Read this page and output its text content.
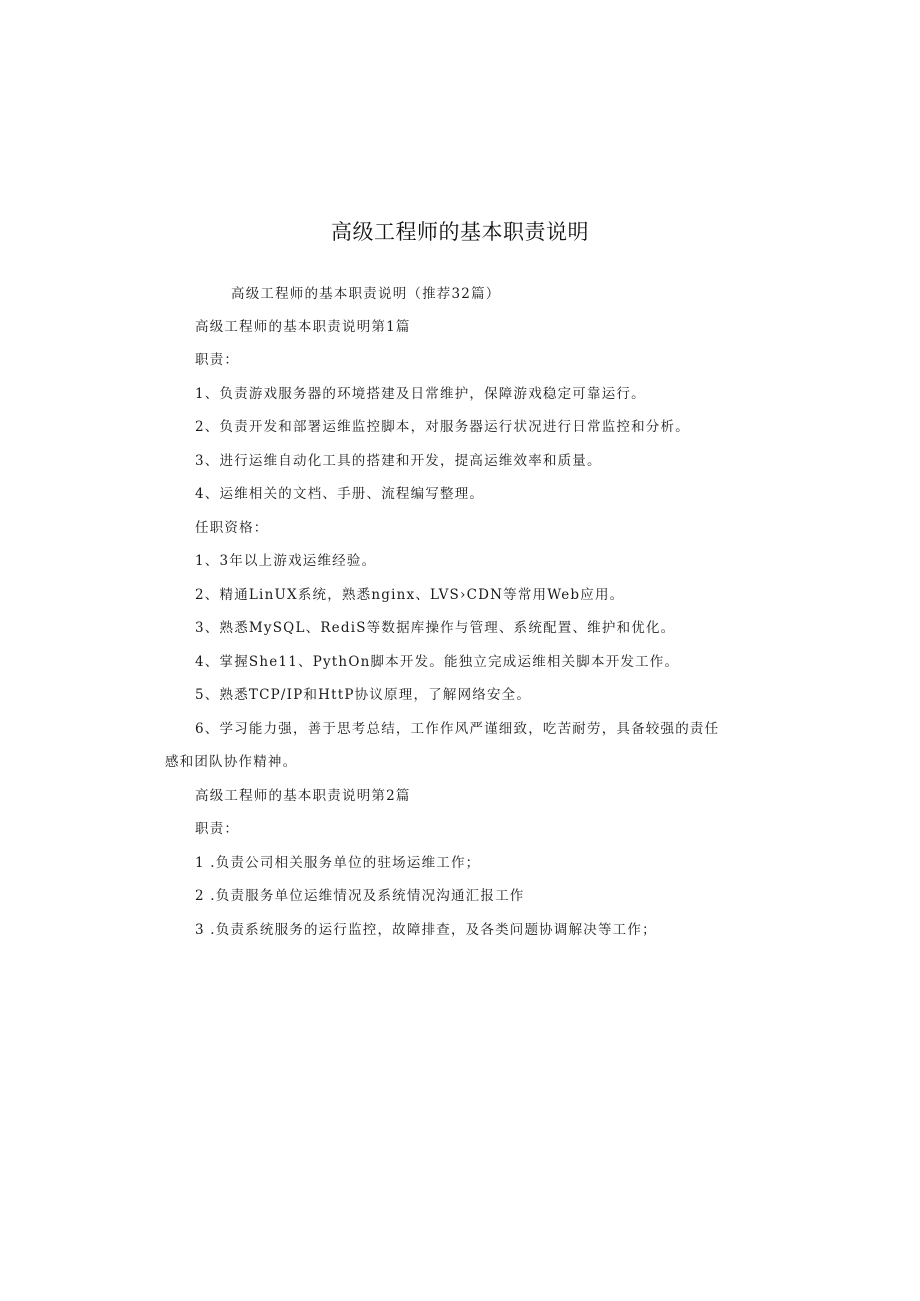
高级工程师的基本职责说明

高级工程师的基本职责说明（推荐32篇）

高级工程师的基本职责说明第1篇

职责：

1、负责游戏服务器的环境搭建及日常维护，保障游戏稳定可靠运行。

2、负责开发和部署运维监控脚本，对服务器运行状况进行日常监控和分析。

3、进行运维自动化工具的搭建和开发，提高运维效率和质量。

4、运维相关的文档、手册、流程编写整理。

任职资格：

1、3年以上游戏运维经验。

2、精通LinUX系统，熟悉nginx、LVS›CDN等常用Web应用。

3、熟悉MySQL、RediS等数据库操作与管理、系统配置、维护和优化。

4、掌握She11、PythOn脚本开发。能独立完成运维相关脚本开发工作。

5、熟悉TCP/IP和HttP协议原理，了解网络安全。

6、学习能力强，善于思考总结，工作作风严谨细致，吃苦耐劳，具备较强的责任

感和团队协作精神。

高级工程师的基本职责说明第2篇

职责：

1 .负责公司相关服务单位的驻场运维工作；

2 .负责服务单位运维情况及系统情况沟通汇报工作

3 .负责系统服务的运行监控，故障排查，及各类问题协调解决等工作；
